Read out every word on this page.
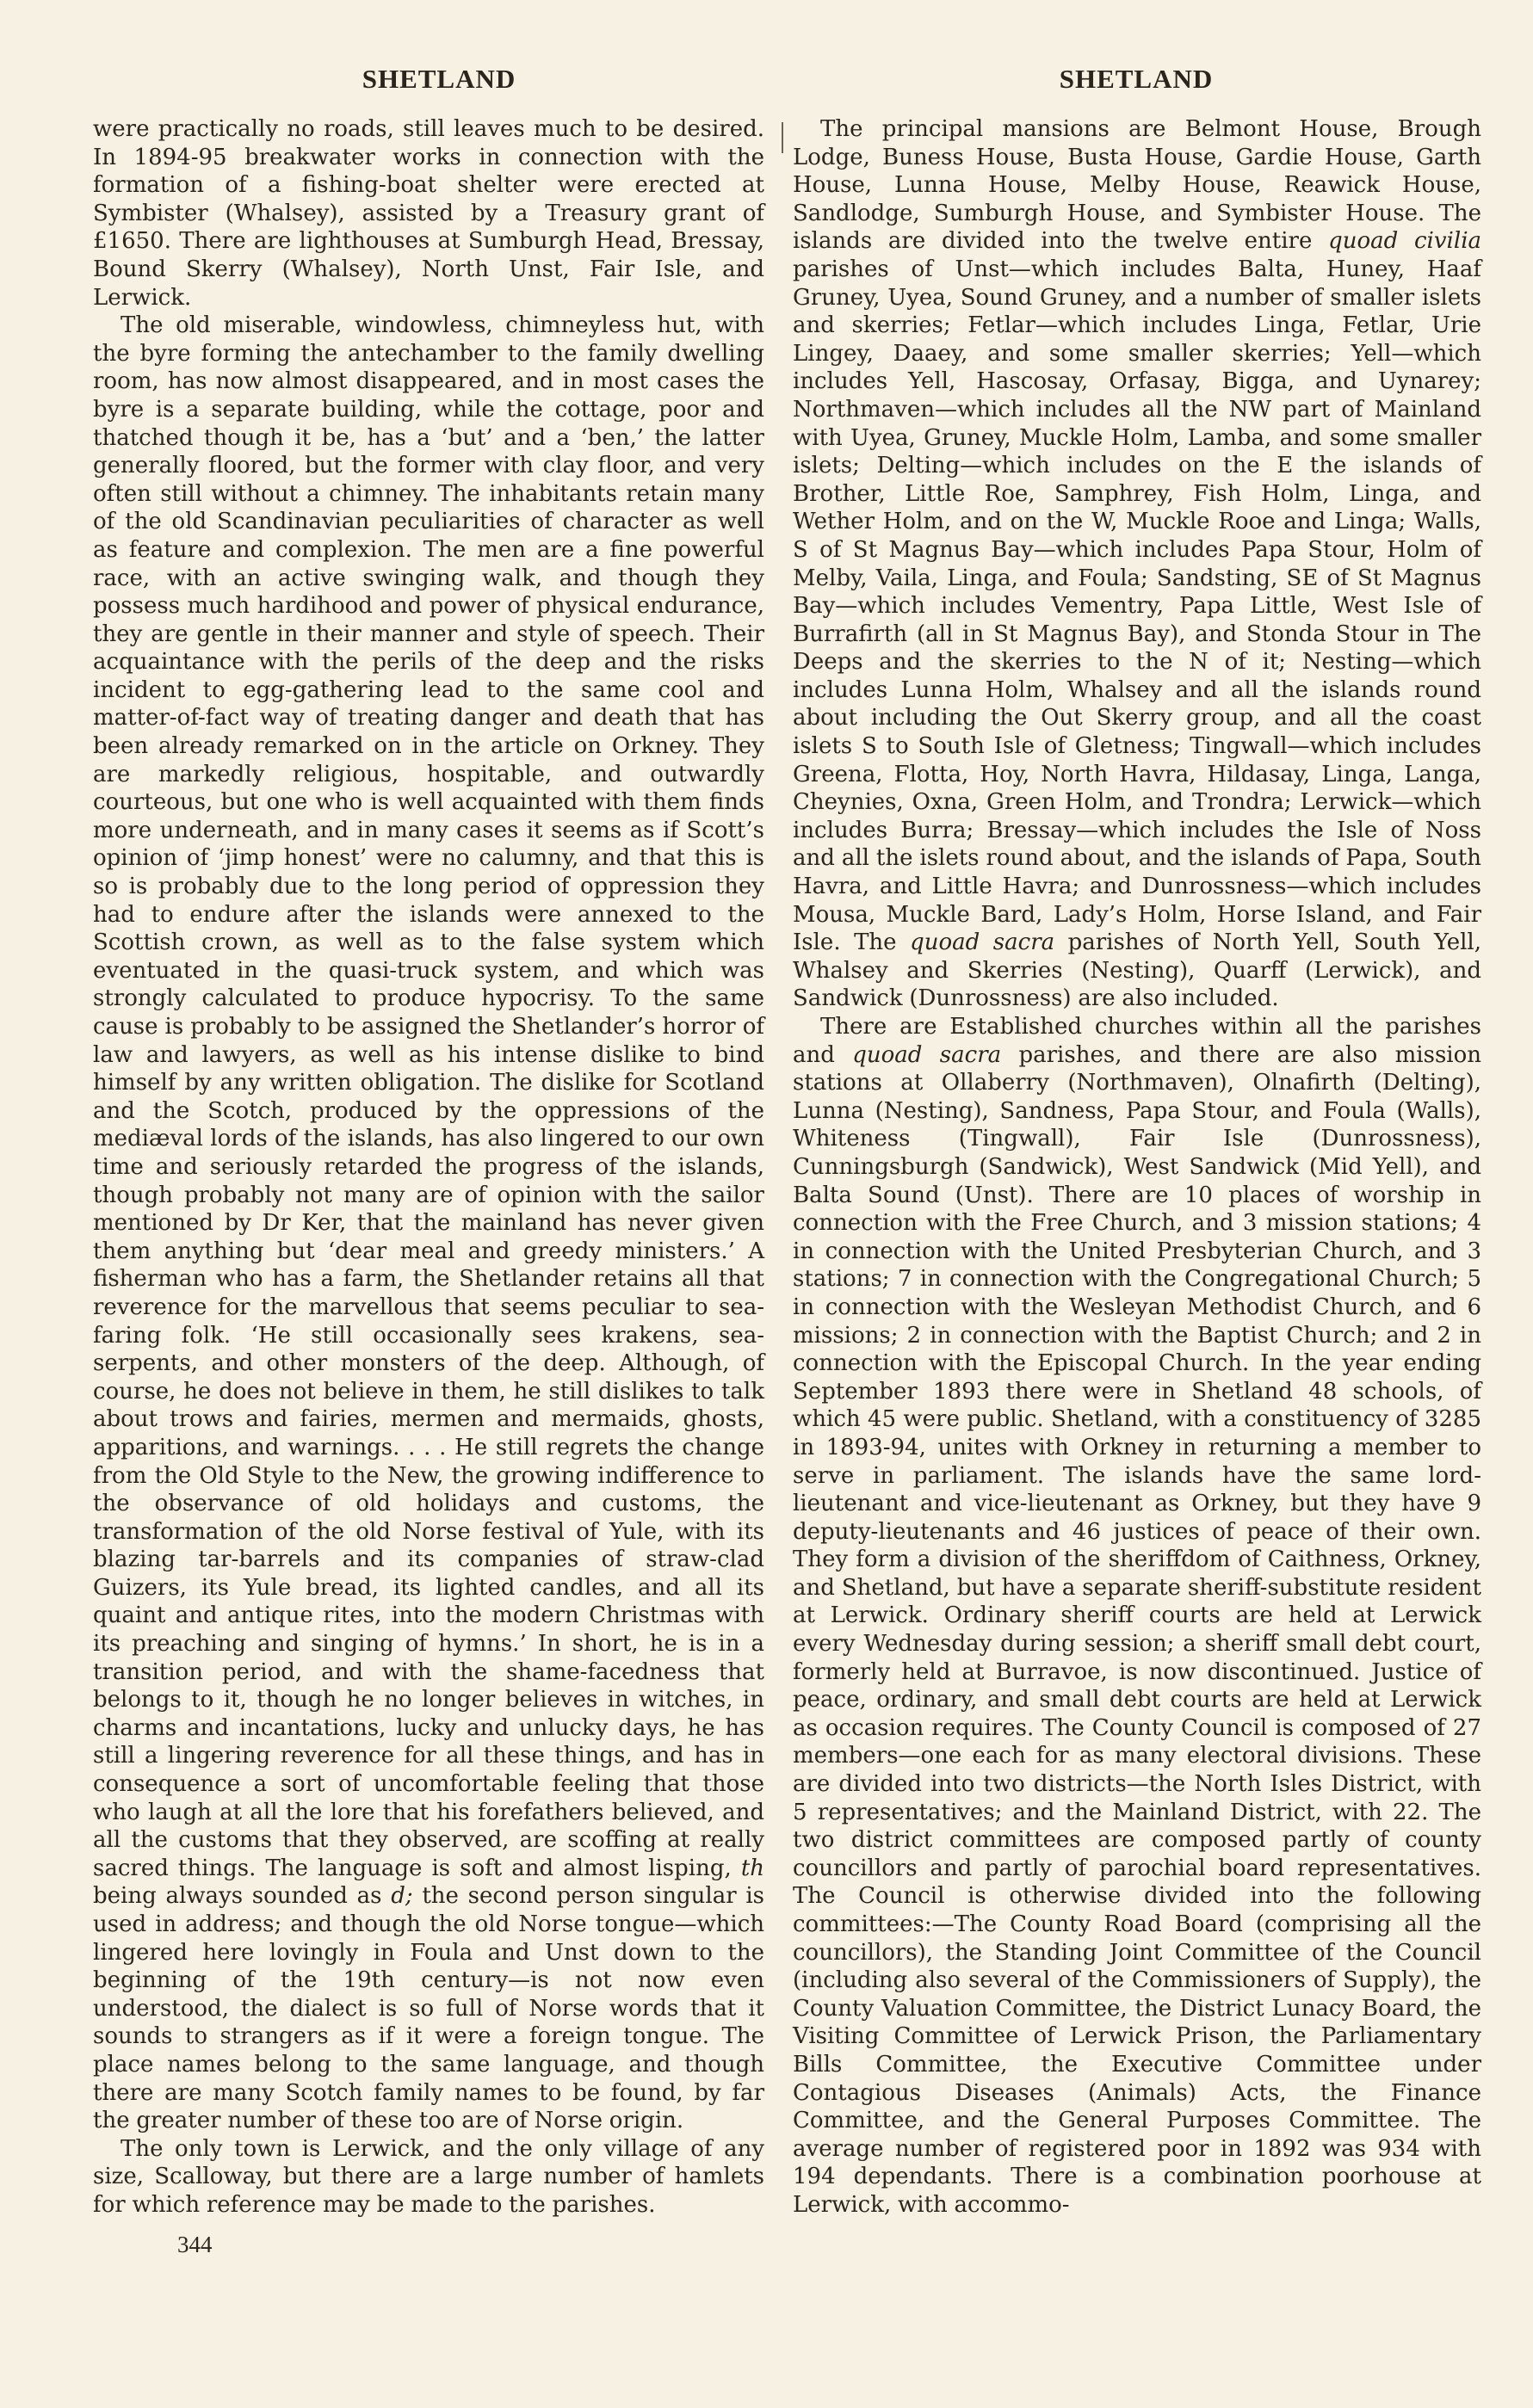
SHETLAND	SHETLAND

were practically no roads, still leaves much to be desired. In 1894-95 breakwater works in connection with the formation of a fishing-boat shelter were erected at Symbister (Whalsey), assisted by a Treasury grant of £1650. There are lighthouses at Sumburgh Head, Bressay, Bound Skerry (Whalsey), North Unst, Fair Isle, and Lerwick.

The old miserable, windowless, chimneyless hut, with the byre forming the antechamber to the family dwelling room, has now almost disappeared, and in most cases the byre is a separate building, while the cottage, poor and thatched though it be, has a ‘but’ and a ‘ben,’ the latter generally floored, but the former with clay floor, and very often still without a chimney. The inhabitants retain many of the old Scandinavian peculiarities of character as well as feature and complexion. The men are a fine powerful race, with an active swinging walk, and though they possess much hardihood and power of physical endurance, they are gentle in their manner and style of speech. Their acquaintance with the perils of the deep and the risks incident to egg-gathering lead to the same cool and matter-of-fact way of treating danger and death that has been already remarked on in the article on Orkney. They are markedly religious, hospitable, and outwardly courteous, but one who is well acquainted with them finds more underneath, and in many cases it seems as if Scott’s opinion of ‘jimp honest’ were no calumny, and that this is so is probably due to the long period of oppression they had to endure after the islands were annexed to the Scottish crown, as well as to the false system which eventuated in the quasi-truck system, and which was strongly calculated to produce hypocrisy. To the same cause is probably to be assigned the Shetlander’s horror of law and lawyers, as well as his intense dislike to bind himself by any written obligation. The dislike for Scotland and the Scotch, produced by the oppressions of the mediæval lords of the islands, has also lingered to our own time and seriously retarded the progress of the islands, though probably not many are of opinion with the sailor mentioned by Dr Ker, that the mainland has never given them anything but ‘dear meal and greedy ministers.’ A fisherman who has a farm, the Shetlander retains all that reverence for the marvellous that seems peculiar to sea-faring folk. ‘He still occasionally sees krakens, sea-serpents, and other monsters of the deep. Although, of course, he does not believe in them, he still dislikes to talk about trows and fairies, mermen and mermaids, ghosts, apparitions, and warnings. . . . He still regrets the change from the Old Style to the New, the growing indifference to the observance of old holidays and customs, the transformation of the old Norse festival of Yule, with its blazing tar-barrels and its companies of straw-clad Guizers, its Yule bread, its lighted candles, and all its quaint and antique rites, into the modern Christmas with its preaching and singing of hymns.’ In short, he is in a transition period, and with the shame-facedness that belongs to it, though he no longer believes in witches, in charms and incantations, lucky and unlucky days, he has still a lingering reverence for all these things, and has in consequence a sort of uncomfortable feeling that those who laugh at all the lore that his forefathers believed, and all the customs that they observed, are scoffing at really sacred things. The language is soft and almost lisping, th being always sounded as d; the second person singular is used in address; and though the old Norse tongue—which lingered here lovingly in Foula and Unst down to the beginning of the 19th century—is not now even understood, the dialect is so full of Norse words that it sounds to strangers as if it were a foreign tongue. The place names belong to the same language, and though there are many Scotch family names to be found, by far the greater number of these too are of Norse origin.

The only town is Lerwick, and the only village of any size, Scalloway, but there are a large number of hamlets for which reference may be made to the parishes.

The principal mansions are Belmont House, Brough Lodge, Buness House, Busta House, Gardie House, Garth House, Lunna House, Melby House, Reawick House, Sandlodge, Sumburgh House, and Symbister House. The islands are divided into the twelve entire quoad civilia parishes of Unst—which includes Balta, Huney, Haaf Gruney, Uyea, Sound Gruney, and a number of smaller islets and skerries; Fetlar—which includes Linga, Fetlar, Urie Lingey, Daaey, and some smaller skerries; Yell—which includes Yell, Hascosay, Orfasay, Bigga, and Uynarey; Northmaven—which includes all the NW part of Mainland with Uyea, Gruney, Muckle Holm, Lamba, and some smaller islets; Delting—which includes on the E the islands of Brother, Little Roe, Samphrey, Fish Holm, Linga, and Wether Holm, and on the W, Muckle Rooe and Linga; Walls, S of St Magnus Bay—which includes Papa Stour, Holm of Melby, Vaila, Linga, and Foula; Sandsting, SE of St Magnus Bay—which includes Vementry, Papa Little, West Isle of Burrafirth (all in St Magnus Bay), and Stonda Stour in The Deeps and the skerries to the N of it; Nesting—which includes Lunna Holm, Whalsey and all the islands round about including the Out Skerry group, and all the coast islets S to South Isle of Gletness; Tingwall—which includes Greena, Flotta, Hoy, North Havra, Hildasay, Linga, Langa, Cheynies, Oxna, Green Holm, and Trondra; Lerwick—which includes Burra; Bressay—which includes the Isle of Noss and all the islets round about, and the islands of Papa, South Havra, and Little Havra; and Dunrossness—which includes Mousa, Muckle Bard, Lady’s Holm, Horse Island, and Fair Isle. The quoad sacra parishes of North Yell, South Yell, Whalsey and Skerries (Nesting), Quarff (Lerwick), and Sandwick (Dunrossness) are also included.

There are Established churches within all the parishes and quoad sacra parishes, and there are also mission stations at Ollaberry (Northmaven), Olnafirth (Delting), Lunna (Nesting), Sandness, Papa Stour, and Foula (Walls), Whiteness (Tingwall), Fair Isle (Dunrossness), Cunningsburgh (Sandwick), West Sandwick (Mid Yell), and Balta Sound (Unst). There are 10 places of worship in connection with the Free Church, and 3 mission stations; 4 in connection with the United Presbyterian Church, and 3 stations; 7 in connection with the Congregational Church; 5 in connection with the Wesleyan Methodist Church, and 6 missions; 2 in connection with the Baptist Church; and 2 in connection with the Episcopal Church. In the year ending September 1893 there were in Shetland 48 schools, of which 45 were public. Shetland, with a constituency of 3285 in 1893-94, unites with Orkney in returning a member to serve in parliament. The islands have the same lord-lieutenant and vice-lieutenant as Orkney, but they have 9 deputy-lieutenants and 46 justices of peace of their own. They form a division of the sheriffdom of Caithness, Orkney, and Shetland, but have a separate sheriff-substitute resident at Lerwick. Ordinary sheriff courts are held at Lerwick every Wednesday during session; a sheriff small debt court, formerly held at Burravoe, is now discontinued. Justice of peace, ordinary, and small debt courts are held at Lerwick as occasion requires. The County Council is composed of 27 members—one each for as many electoral divisions. These are divided into two districts—the North Isles District, with 5 representatives; and the Mainland District, with 22. The two district committees are composed partly of county councillors and partly of parochial board representatives. The Council is otherwise divided into the following committees:—The County Road Board (comprising all the councillors), the Standing Joint Committee of the Council (including also several of the Commissioners of Supply), the County Valuation Committee, the District Lunacy Board, the Visiting Committee of Lerwick Prison, the Parliamentary Bills Committee, the Executive Committee under Contagious Diseases (Animals) Acts, the Finance Committee, and the General Purposes Committee. The average number of registered poor in 1892 was 934 with 194 dependants. There is a combination poorhouse at Lerwick, with accommo-

344
